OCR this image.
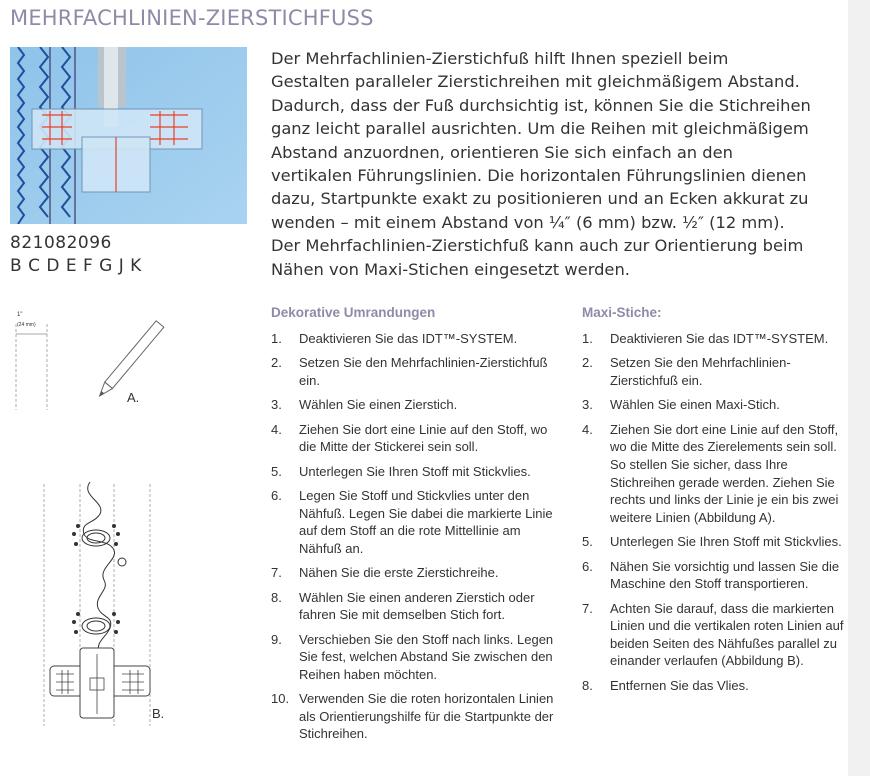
MEHRFACHLINIEN-ZIERSTICHFUSS
821082096
B C D E F G J K
Der Mehrfachlinien-Zierstichfuß hilft Ihnen speziell beim Gestalten paralleler Zierstichreihen mit gleichmäßigem Abstand. Dadurch, dass der Fuß durchsichtig ist, können Sie die Stichreihen ganz leicht parallel ausrichten. Um die Reihen mit gleichmäßigem Abstand anzuordnen, orientieren Sie sich einfach an den vertikalen Führungslinien. Die horizontalen Führungslinien dienen dazu, Startpunkte exakt zu positionieren und an Ecken akkurat zu wenden – mit einem Abstand von ¼″ (6 mm) bzw. ½″ (12 mm). Der Mehrfachlinien-Zierstichfuß kann auch zur Orientierung beim Nähen von Maxi-Stichen eingesetzt werden.
1"
(24 mm)
A.
B.
Dekorative Umrandungen
1.	Deaktivieren Sie das IDT™-SYSTEM.
2.	Setzen Sie den Mehrfachlinien-Zierstichfuß ein.
3.	Wählen Sie einen Zierstich.
4.	Ziehen Sie dort eine Linie auf den Stoff, wo die Mitte der Stickerei sein soll.
5.	Unterlegen Sie Ihren Stoff mit Stickvlies.
6.	Legen Sie Stoff und Stickvlies unter den Nähfuß. Legen Sie dabei die markierte Linie auf dem Stoff an die rote Mittellinie am Nähfuß an.
7.	Nähen Sie die erste Zierstichreihe.
8.	Wählen Sie einen anderen Zierstich oder fahren Sie mit demselben Stich fort.
9.	Verschieben Sie den Stoff nach links. Legen Sie fest, welchen Abstand Sie zwischen den Reihen haben möchten.
10. Verwenden Sie die roten horizontalen Linien als Orientierungshilfe für die Startpunkte der Stichreihen.
Maxi-Stiche:
1.	Deaktivieren Sie das IDT™-SYSTEM.
2.	Setzen Sie den Mehrfachlinien-Zierstichfuß ein.
3.	Wählen Sie einen Maxi-Stich.
4.	Ziehen Sie dort eine Linie auf den Stoff, wo die Mitte des Zierelements sein soll. So stellen Sie sicher, dass Ihre Stichreihen gerade werden. Ziehen Sie rechts und links der Linie je ein bis zwei weitere Linien (Abbildung A).
5.	Unterlegen Sie Ihren Stoff mit Stickvlies.
6.	Nähen Sie vorsichtig und lassen Sie die Maschine den Stoff transportieren.
7.	Achten Sie darauf, dass die markierten Linien und die vertikalen roten Linien auf beiden Seiten des Nähfußes parallel zu einander verlaufen (Abbildung B).
8.	Entfernen Sie das Vlies.
